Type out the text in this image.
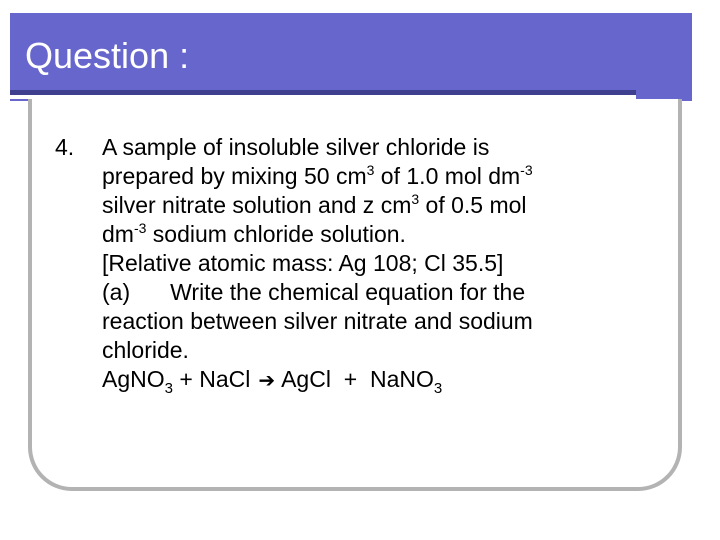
Question :
4. A sample of insoluble silver chloride is
prepared by mixing 50 $cm^3$ of 1.0 mol $dm^{-3}$
silver nitrate solution and z $cm^3$ of 0.5 mol
$dm^{-3}$ sodium chloride solution.
[Relative atomic mass: Ag 108; Cl 35.5]
(a) Write the chemical equation for the
reaction between silver nitrate and sodium
chloride.
AgNO$_3$ + NaCl ➔ AgCl  +  NaNO$_3$
